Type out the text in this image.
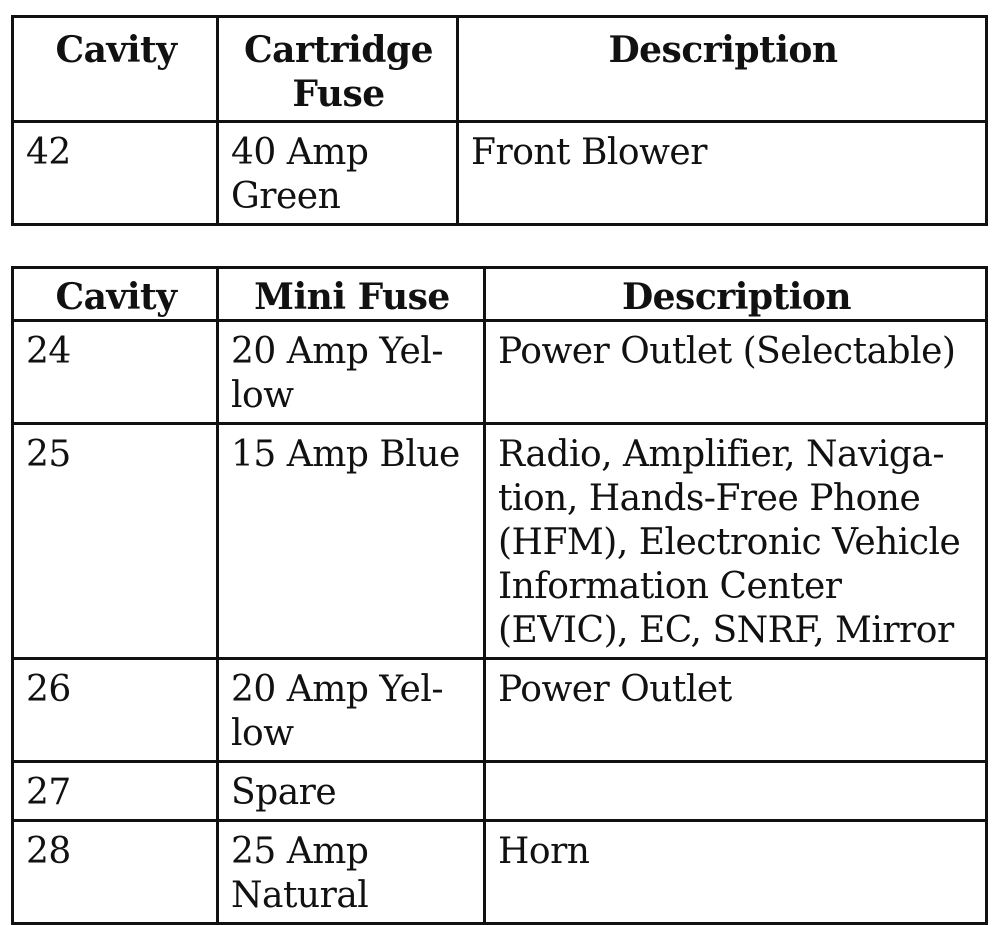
Cavity	Cartridge Fuse	Description
42	40 Amp Green	Front Blower
Cavity	Mini Fuse	Description
24	20 Amp Yel-low	Power Outlet (Selectable)
25	15 Amp Blue	Radio, Amplifier, Naviga-tion, Hands-Free Phone (HFM), Electronic Vehicle Information Center (EVIC), EC, SNRF, Mirror
26	20 Amp Yel-low	Power Outlet
27	Spare	
28	25 Amp Natural	Horn
